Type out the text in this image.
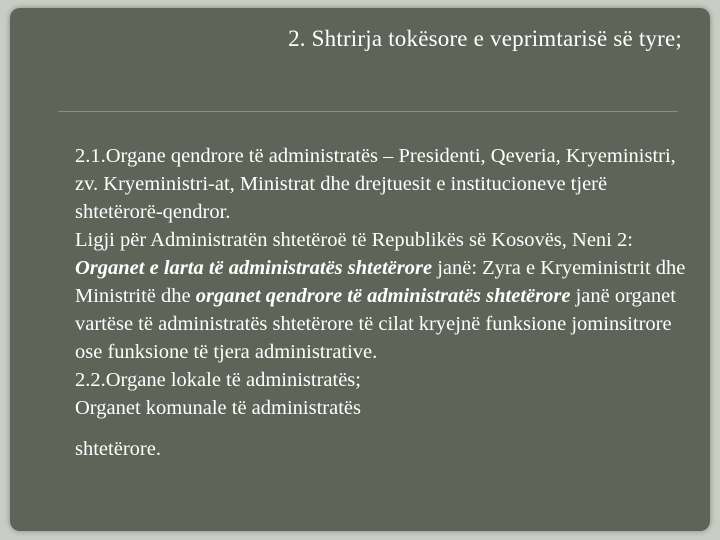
2. Shtrirja tokësore e veprimtarisë së tyre;
2.1.Organe qendrore të administratës – Presidenti, Qeveria, Kryeministri, zv. Kryeministri-at, Ministrat dhe drejtuesit e institucioneve tjerë shtetërorë-qendror.
Ligji për Administratën shtetëroë të Republikës së Kosovës, Neni 2: Organet e larta të administratës shtetërore janë: Zyra e Kryeministrit dhe Ministritë dhe organet qendrore të administratës shtetërore janë organet vartëse të administratës shtetërore të cilat kryejnë funksione jominsitrore ose funksione të tjera administrative.
2.2.Organe lokale të administratës;
Organet komunale të administratës
shtetërore.
